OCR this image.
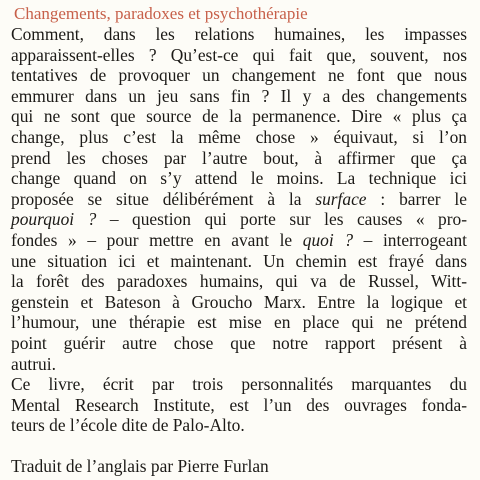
Changements, paradoxes et psychothérapie
Comment, dans les relations humaines, les impasses
apparaissent-elles ? Qu’est-ce qui fait que, souvent, nos
tentatives de provoquer un changement ne font que nous
emmurer dans un jeu sans fin ? Il y a des changements
qui ne sont que source de la permanence. Dire « plus ça
change, plus c’est la même chose » équivaut, si l’on
prend les choses par l’autre bout, à affirmer que ça
change quand on s’y attend le moins. La technique ici
proposée se situe délibérément à la surface : barrer le
pourquoi ? – question qui porte sur les causes « pro-
fondes » – pour mettre en avant le quoi ? – interrogeant
une situation ici et maintenant. Un chemin est frayé dans
la forêt des paradoxes humains, qui va de Russel, Witt-
genstein et Bateson à Groucho Marx. Entre la logique et
l’humour, une thérapie est mise en place qui ne prétend
point guérir autre chose que notre rapport présent à
autrui.
Ce livre, écrit par trois personnalités marquantes du
Mental Research Institute, est l’un des ouvrages fonda-
teurs de l’école dite de Palo-Alto.
Traduit de l’anglais par Pierre Furlan
